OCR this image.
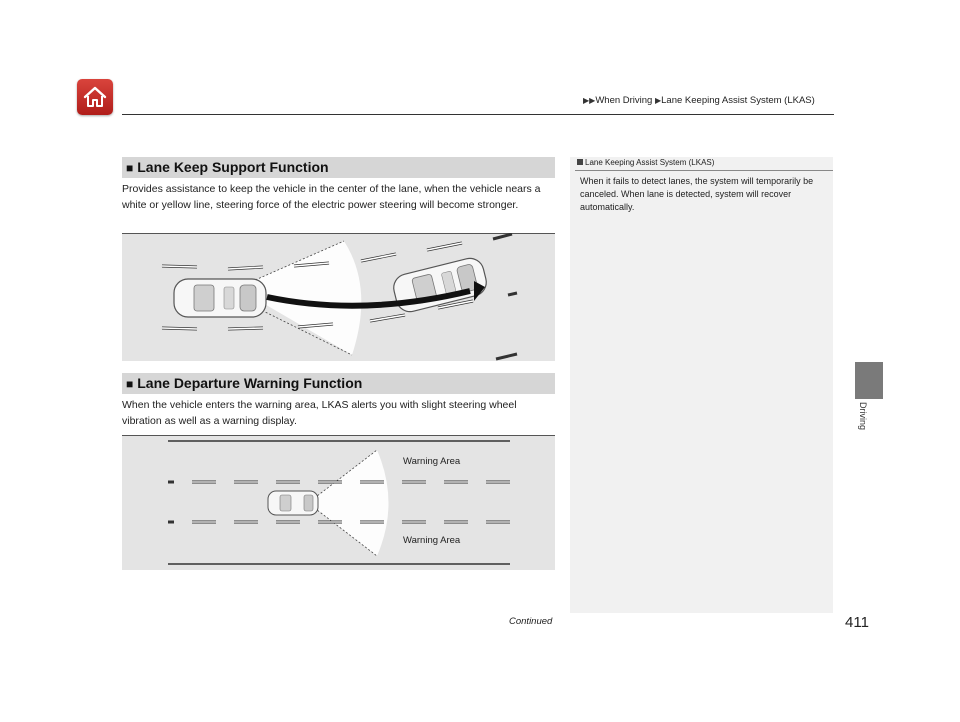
▶▶When Driving ▶Lane Keeping Assist System (LKAS)
■ Lane Keep Support Function
Provides assistance to keep the vehicle in the center of the lane, when the vehicle nears a white or yellow line, steering force of the electric power steering will become stronger.
■ Lane Departure Warning Function
When the vehicle enters the warning area, LKAS alerts you with slight steering wheel vibration as well as a warning display.
Warning Area
Warning Area
Lane Keeping Assist System (LKAS)
When it fails to detect lanes, the system will temporarily be canceled. When lane is detected, system will recover automatically.
Driving
Continued	411
